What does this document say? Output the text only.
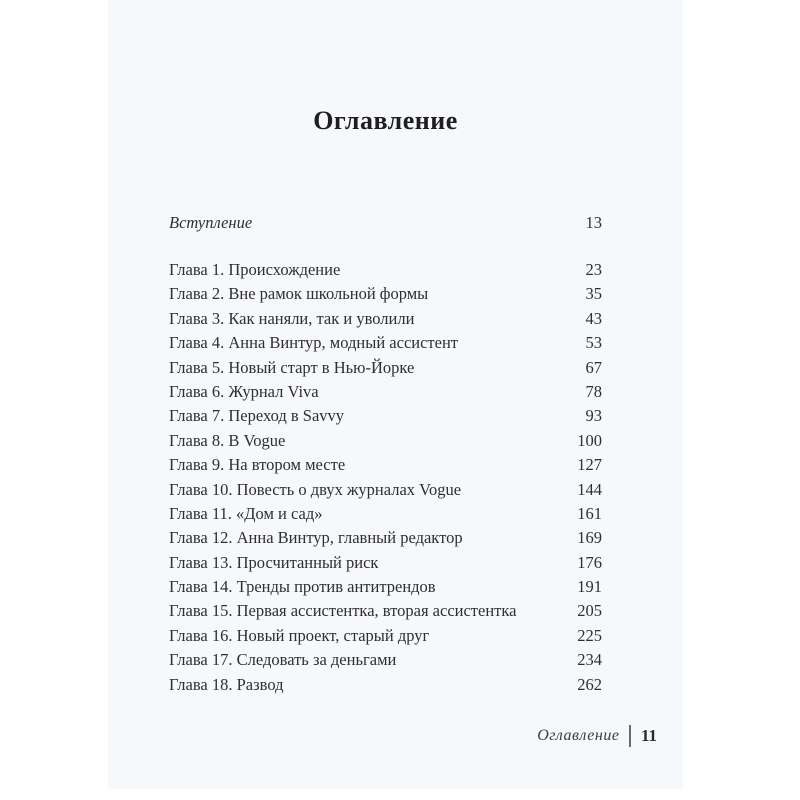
Оглавление
Вступление	13
Глава 1. Происхождение	23
Глава 2. Вне рамок школьной формы	35
Глава 3. Как наняли, так и уволили	43
Глава 4. Анна Винтур, модный ассистент	53
Глава 5. Новый старт в Нью-Йорке	67
Глава 6. Журнал Viva	78
Глава 7. Переход в Savvy	93
Глава 8. В Vogue	100
Глава 9. На втором месте	127
Глава 10. Повесть о двух журналах Vogue	144
Глава 11. «Дом и сад»	161
Глава 12. Анна Винтур, главный редактор	169
Глава 13. Просчитанный риск	176
Глава 14. Тренды против антитрендов	191
Глава 15. Первая ассистентка, вторая ассистентка	205
Глава 16. Новый проект, старый друг	225
Глава 17. Следовать за деньгами	234
Глава 18. Развод	262
Оглавление 11
